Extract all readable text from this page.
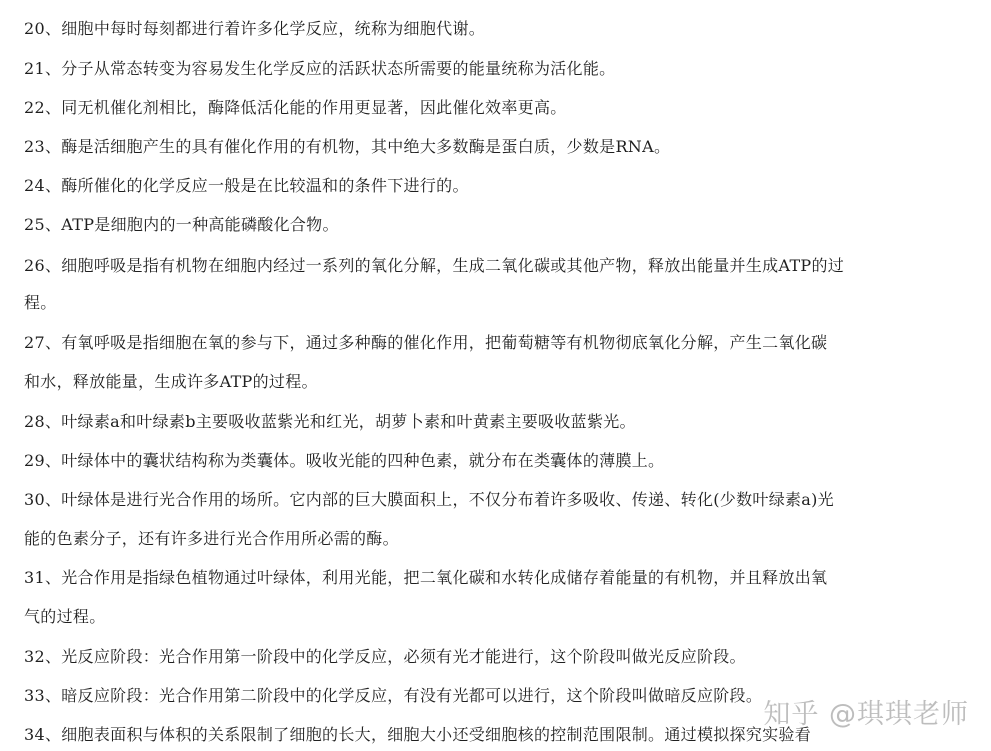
20、细胞中每时每刻都进行着许多化学反应，统称为细胞代谢。
21、分子从常态转变为容易发生化学反应的活跃状态所需要的能量统称为活化能。
22、同无机催化剂相比，酶降低活化能的作用更显著，因此催化效率更高。
23、酶是活细胞产生的具有催化作用的有机物，其中绝大多数酶是蛋白质，少数是RNA。
24、酶所催化的化学反应一般是在比较温和的条件下进行的。
25、ATP是细胞内的一种高能磷酸化合物。
26、细胞呼吸是指有机物在细胞内经过一系列的氧化分解，生成二氧化碳或其他产物，释放出能量并生成ATP的过
程。
27、有氧呼吸是指细胞在氧的参与下，通过多种酶的催化作用，把葡萄糖等有机物彻底氧化分解，产生二氧化碳
和水，释放能量，生成许多ATP的过程。
28、叶绿素a和叶绿素b主要吸收蓝紫光和红光，胡萝卜素和叶黄素主要吸收蓝紫光。
29、叶绿体中的囊状结构称为类囊体。吸收光能的四种色素，就分布在类囊体的薄膜上。
30、叶绿体是进行光合作用的场所。它内部的巨大膜面积上，不仅分布着许多吸收、传递、转化(少数叶绿素a)光
能的色素分子，还有许多进行光合作用所必需的酶。
31、光合作用是指绿色植物通过叶绿体，利用光能，把二氧化碳和水转化成储存着能量的有机物，并且释放出氧
气的过程。
32、光反应阶段：光合作用第一阶段中的化学反应，必须有光才能进行，这个阶段叫做光反应阶段。
33、暗反应阶段：光合作用第二阶段中的化学反应，有没有光都可以进行，这个阶段叫做暗反应阶段。
34、细胞表面积与体积的关系限制了细胞的长大，细胞大小还受细胞核的控制范围限制。通过模拟探究实验看
知乎 @琪琪老师
